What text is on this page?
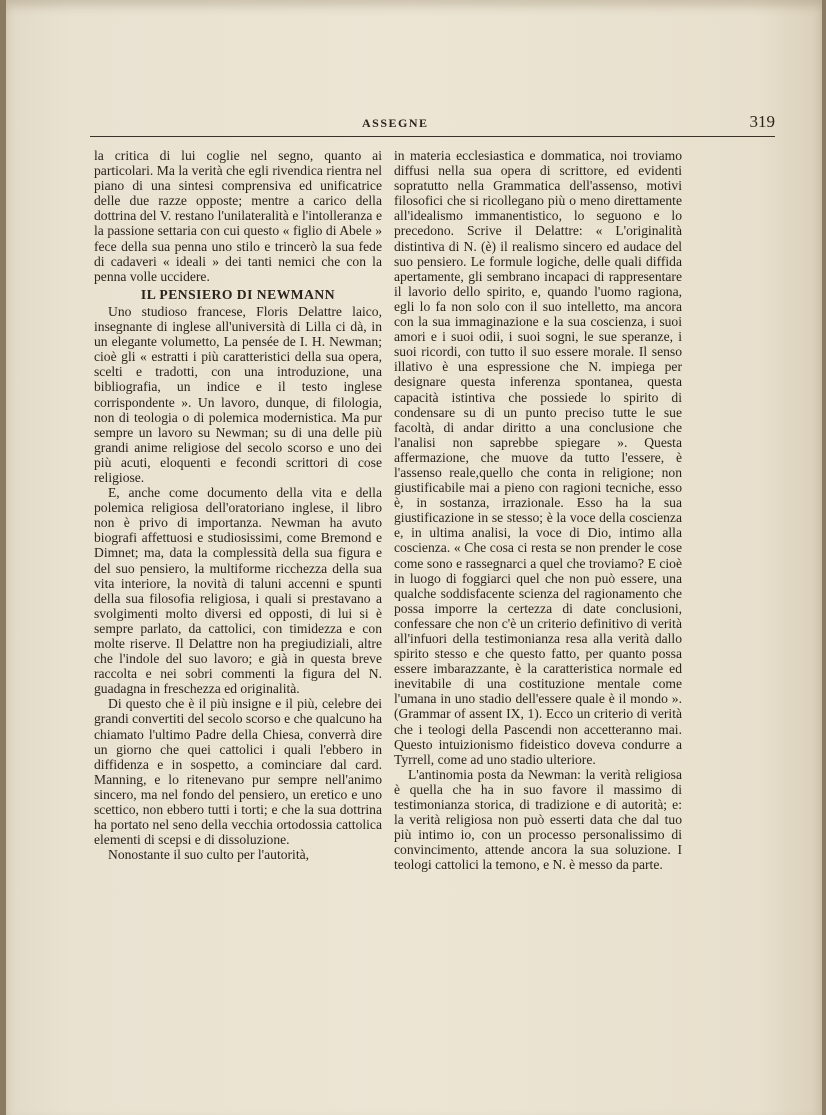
ASSEGNE	319

la critica di lui coglie nel segno, quanto ai particolari. Ma la verità che egli rivendica rientra nel piano di una sintesi comprensiva ed unificatrice delle due razze opposte; mentre a carico della dottrina del V. restano l'unilateralità e l'intolleranza e la passione settaria con cui questo « figlio di Abele » fece della sua penna uno stilo e trincerò la sua fede di cadaveri « ideali » dei tanti nemici che con la penna volle uccidere.

IL PENSIERO DI NEWMANN

Uno studioso francese, Floris Delattre laico, insegnante di inglese all'università di Lilla ci dà, in un elegante volumetto, La pensée de I. H. Newman; cioè gli « estratti i più caratteristici della sua opera, scelti e tradotti, con una introduzione, una bibliografia, un indice e il testo inglese corrispondente ». Un lavoro, dunque, di filologia, non di teologia o di polemica modernistica. Ma pur sempre un lavoro su Newman; su di una delle più grandi anime religiose del secolo scorso e uno dei più acuti, eloquenti e fecondi scrittori di cose religiose.

E, anche come documento della vita e della polemica religiosa dell'oratoriano inglese, il libro non è privo di importanza. Newman ha avuto biografi affettuosi e studiosissimi, come Bremond e Dimnet; ma, data la complessità della sua figura e del suo pensiero, la multiforme ricchezza della sua vita interiore, la novità di taluni accenni e spunti della sua filosofia religiosa, i quali si prestavano a svolgimenti molto diversi ed opposti, di lui si è sempre parlato, da cattolici, con timidezza e con molte riserve. Il Delattre non ha pregiudiziali, altre che l'indole del suo lavoro; e già in questa breve raccolta e nei sobri commenti la figura del N. guadagna in freschezza ed originalità.

Di questo che è il più insigne e il più, celebre dei grandi convertiti del secolo scorso e che qualcuno ha chiamato l'ultimo Padre della Chiesa, converrà dire un giorno che quei cattolici i quali l'ebbero in diffidenza e in sospetto, a cominciare dal card. Manning, e lo ritenevano pur sempre nell'animo sincero, ma nel fondo del pensiero, un eretico e uno scettico, non ebbero tutti i torti; e che la sua dottrina ha portato nel seno della vecchia ortodossia cattolica elementi di scepsi e di dissoluzione.

Nonostante il suo culto per l'autorità,

in materia ecclesiastica e dommatica, noi troviamo diffusi nella sua opera di scrittore, ed evidenti sopratutto nella Grammatica dell'assenso, motivi filosofici che si ricollegano più o meno direttamente all'idealismo immanentistico, lo seguono e lo precedono. Scrive il Delattre: « L'originalità distintiva di N. (è) il realismo sincero ed audace del suo pensiero. Le formule logiche, delle quali diffida apertamente, gli sembrano incapaci di rappresentare il lavorio dello spirito, e, quando l'uomo ragiona, egli lo fa non solo con il suo intelletto, ma ancora con la sua immaginazione e la sua coscienza, i suoi amori e i suoi odii, i suoi sogni, le sue speranze, i suoi ricordi, con tutto il suo essere morale. Il senso illativo è una espressione che N. impiega per designare questa inferenza spontanea, questa capacità istintiva che possiede lo spirito di condensare su di un punto preciso tutte le sue facoltà, di andar diritto a una conclusione che l'analisi non saprebbe spiegare ». Questa affermazione, che muove da tutto l'essere, è l'assenso reale,quello che conta in religione; non giustificabile mai a pieno con ragioni tecniche, esso è, in sostanza, irrazionale. Esso ha la sua giustificazione in se stesso; è la voce della coscienza e, in ultima analisi, la voce di Dio, intimo alla coscienza. « Che cosa ci resta se non prender le cose come sono e rassegnarci a quel che troviamo? E cioè in luogo di foggiarci quel che non può essere, una qualche soddisfacente scienza del ragionamento che possa imporre la certezza di date conclusioni, confessare che non c'è un criterio definitivo di verità all'infuori della testimonianza resa alla verità dallo spirito stesso e che questo fatto, per quanto possa essere imbarazzante, è la caratteristica normale ed inevitabile di una costituzione mentale come l'umana in uno stadio dell'essere quale è il mondo ». (Grammar of assent IX, 1). Ecco un criterio di verità che i teologi della Pascendi non accetteranno mai. Questo intuizionismo fideistico doveva condurre a Tyrrell, come ad uno stadio ulteriore.

L'antinomia posta da Newman: la verità religiosa è quella che ha in suo favore il massimo di testimonianza storica, di tradizione e di autorità; e: la verità religiosa non può esserti data che dal tuo più intimo io, con un processo personalissimo di convincimento, attende ancora la sua soluzione. I teologi cattolici la temono, e N. è messo da parte.
